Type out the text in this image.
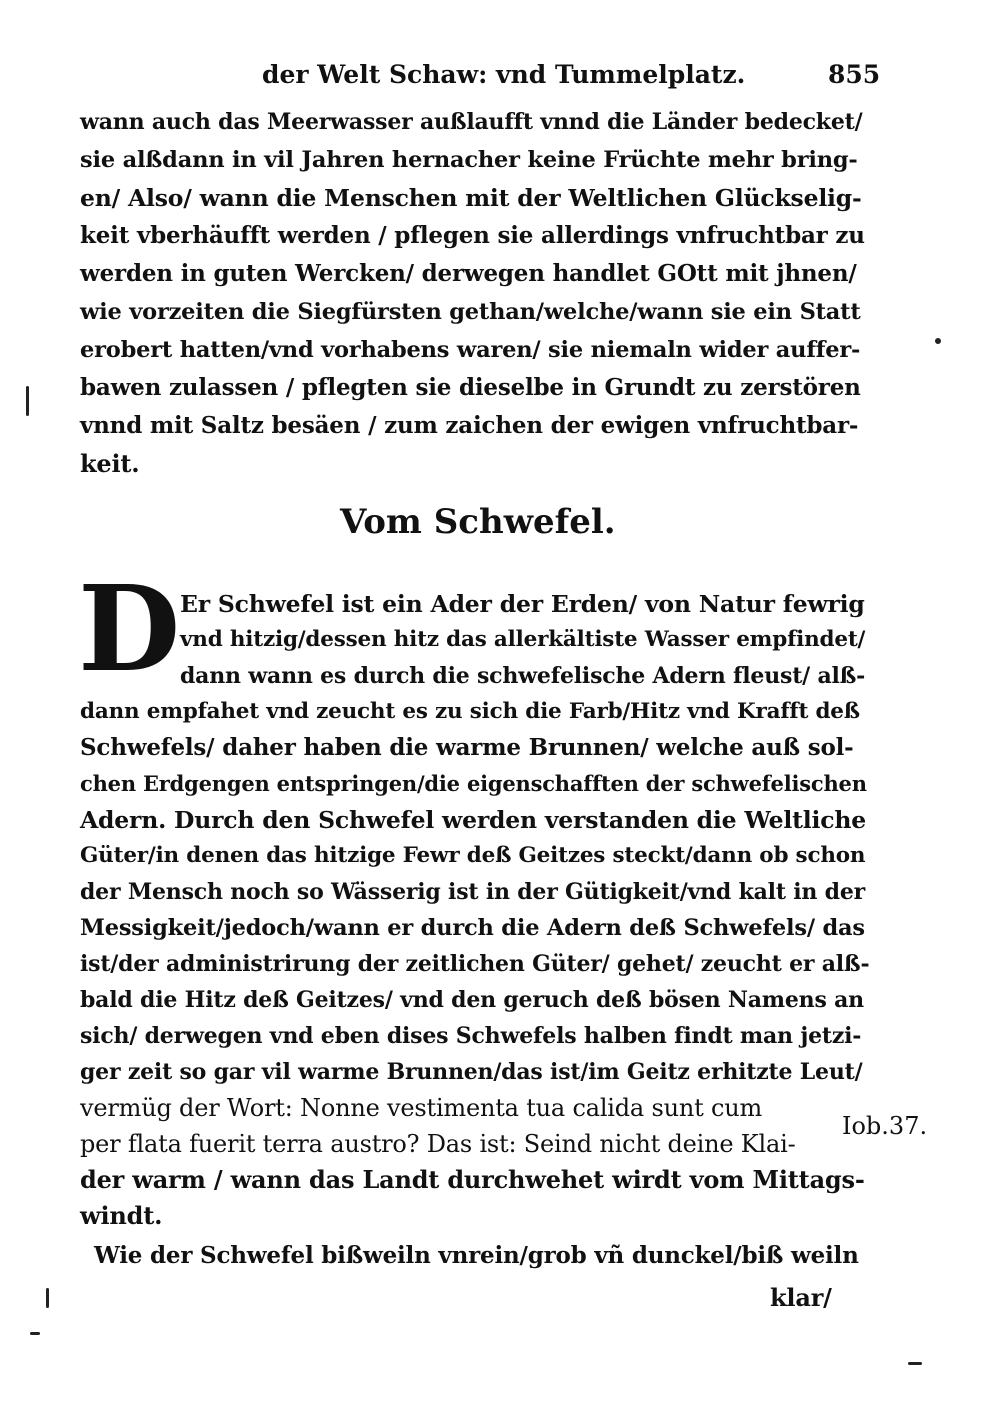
der Welt Schaw: vnd Tummelplatz.	855
wann auch das Meerwasser außlaufft vnnd die Länder bedecket/
sie alßdann in vil Jahren hernacher keine Früchte mehr bring-
en/ Also/ wann die Menschen mit der Weltlichen Glückselig-
keit vberhäufft werden / pflegen sie allerdings vnfruchtbar zu
werden in guten Wercken/ derwegen handlet GOtt mit jhnen/
wie vorzeiten die Siegfürsten gethan/welche/wann sie ein Statt
erobert hatten/vnd vorhabens waren/ sie niemaln wider auffer-
bawen zulassen / pflegten sie dieselbe in Grundt zu zerstören
vnnd mit Saltz besäen / zum zaichen der ewigen vnfruchtbar-
keit.
Vom Schwefel.
D Er Schwefel ist ein Ader der Erden/ von Natur fewrig
vnd hitzig/dessen hitz das allerkältiste Wasser empfindet/
dann wann es durch die schwefelische Adern fleust/ alß-
dann empfahet vnd zeucht es zu sich die Farb/Hitz vnd Krafft deß
Schwefels/ daher haben die warme Brunnen/ welche auß sol-
chen Erdgengen entspringen/die eigenschafften der schwefelischen
Adern. Durch den Schwefel werden verstanden die Weltliche
Güter/in denen das hitzige Fewr deß Geitzes steckt/dann ob schon
der Mensch noch so Wässerig ist in der Gütigkeit/vnd kalt in der
Messigkeit/jedoch/wann er durch die Adern deß Schwefels/ das
ist/der administrirung der zeitlichen Güter/ gehet/ zeucht er alß-
bald die Hitz deß Geitzes/ vnd den geruch deß bösen Namens an
sich/ derwegen vnd eben dises Schwefels halben findt man jetzi-
ger zeit so gar vil warme Brunnen/das ist/im Geitz erhitzte Leut/
vermüg der Wort: Nonne vestimenta tua calida sunt cum
per flata fuerit terra austro? Das ist: Seind nicht deine Klai-
der warm / wann das Landt durchwehet wirdt vom Mittags-
windt.
Iob.37.
Wie der Schwefel bißweiln vnrein/grob vñ dunckel/biß weiln
klar/
